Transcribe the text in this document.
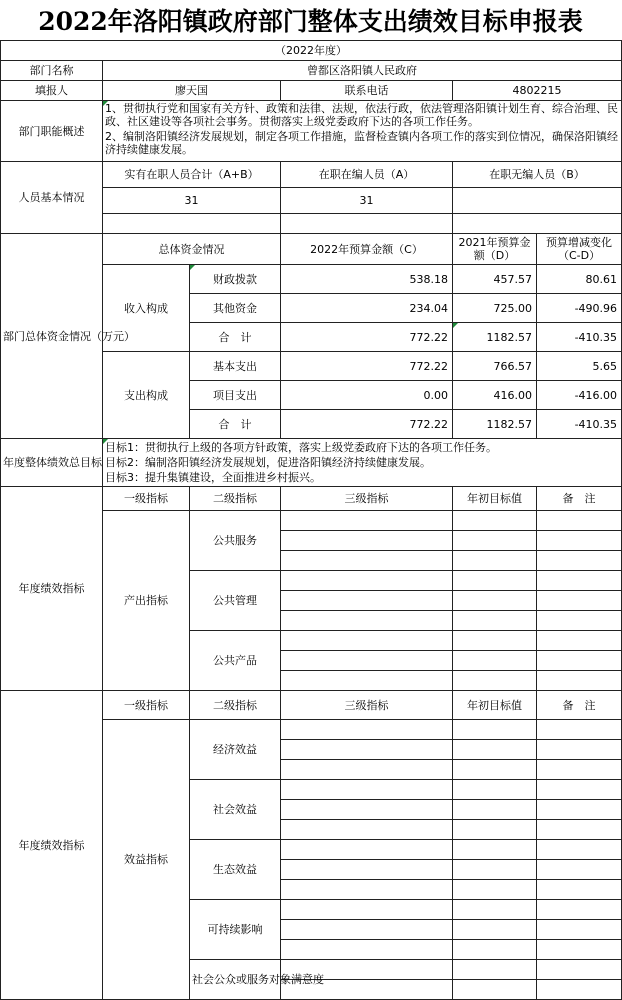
2022年洛阳镇政府部门整体支出绩效目标申报表
（2022年度）					
部门名称	曾都区洛阳镇人民政府				
填报人	廖天国		联系电话	4802215	
部门职能概述	1、贯彻执行党和国家有关方针、政策和法律、法规，依法行政，依法管理洛阳镇计划生育、综合治理、民政、社区建设等各项社会事务。贯彻落实上级党委政府下达的各项工作任务。
2、编制洛阳镇经济发展规划，制定各项工作措施，监督检查镇内各项工作的落实到位情况，确保洛阳镇经济持续健康发展。				

人员基本情况	实有在职人员合计（A+B）		在职在编人员（A）	在职无编人员（B）	
	31		31		

部门总体资金情况（万元）	总体资金情况		2022年预算金额（C）	2021年预算金额（D）	预算增减变化（C-D）
	收入构成	财政拨款	538.18	457.57	80.61
		其他资金	234.04	725.00	-490.96
		合　计	772.22	1182.57	-410.35
	支出构成	基本支出	772.22	766.57	5.65
		项目支出	0.00	416.00	-416.00
		合　计	772.22	1182.57	-410.35
年度整体绩效总目标	目标1：贯彻执行上级的各项方针政策，落实上级党委政府下达的各项工作任务。
目标2：编制洛阳镇经济发展规划，促进洛阳镇经济持续健康发展。
目标3：提升集镇建设，全面推进乡村振兴。				

年度绩效指标	一级指标	二级指标	三级指标	年初目标值	备　注
	产出指标	公共服务			

		公共管理			

		公共产品			

年度绩效指标	一级指标	二级指标	三级指标	年初目标值	备　注
	效益指标	经济效益			

		社会效益			

		生态效益			

		可持续影响			

		社会公众或服务对象满意度			
